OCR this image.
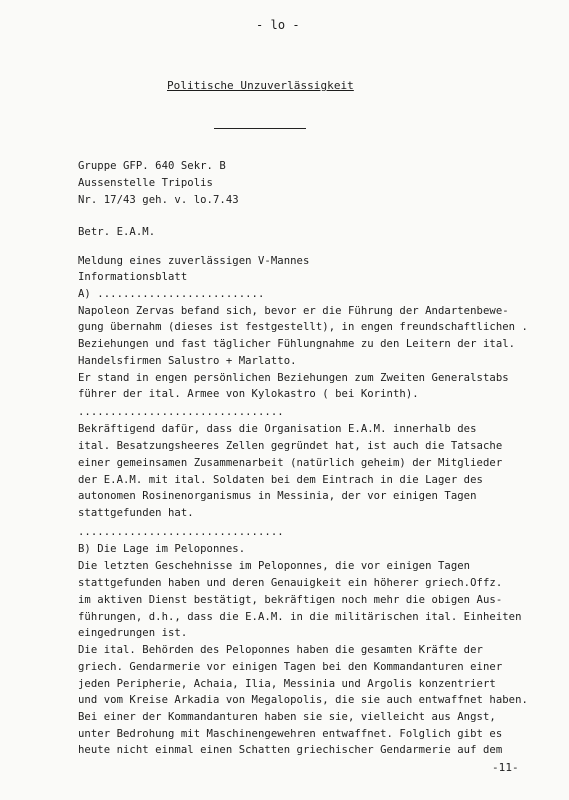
- lo -
Politische Unzuverlässigkeit
Gruppe GFP. 640 Sekr. B
Aussenstelle Tripolis
Nr. 17/43 geh. v. lo.7.43
Betr. E.A.M.
Meldung eines zuverlässigen V-Mannes
Informationsblatt
A) ..........................
Napoleon Zervas befand sich, bevor er die Führung der Andartenbewe-
gung übernahm (dieses ist festgestellt), in engen freundschaftlichen .
Beziehungen und fast täglicher Fühlungnahme zu den Leitern der ital.
Handelsfirmen Salustro + Marlatto.
Er stand in engen persönlichen Beziehungen zum Zweiten Generalstabs
führer der ital. Armee von Kylokastro ( bei Korinth).
................................
Bekräftigend dafür, dass die Organisation E.A.M. innerhalb des
ital. Besatzungsheeres Zellen gegründet hat, ist auch die Tatsache
einer gemeinsamen Zusammenarbeit (natürlich geheim) der Mitglieder
der E.A.M. mit ital. Soldaten bei dem Eintrach in die Lager des
autonomen Rosinenorganismus in Messinia, der vor einigen Tagen
stattgefunden hat.
................................
B) Die Lage im Peloponnes.
Die letzten Geschehnisse im Peloponnes, die vor einigen Tagen
stattgefunden haben und deren Genauigkeit ein höherer griech.Offz.
im aktiven Dienst bestätigt, bekräftigen noch mehr die obigen Aus-
führungen, d.h., dass die E.A.M. in die militärischen ital. Einheiten
eingedrungen ist.
Die ital. Behörden des Peloponnes haben die gesamten Kräfte der
griech. Gendarmerie vor einigen Tagen bei den Kommandanturen einer
jeden Peripherie, Achaia, Ilia, Messinia und Argolis konzentriert
und vom Kreise Arkadia von Megalopolis, die sie auch entwaffnet haben.
Bei einer der Kommandanturen haben sie sie, vielleicht aus Angst,
unter Bedrohung mit Maschinengewehren entwaffnet. Folglich gibt es
heute nicht einmal einen Schatten griechischer Gendarmerie auf dem
-11-
